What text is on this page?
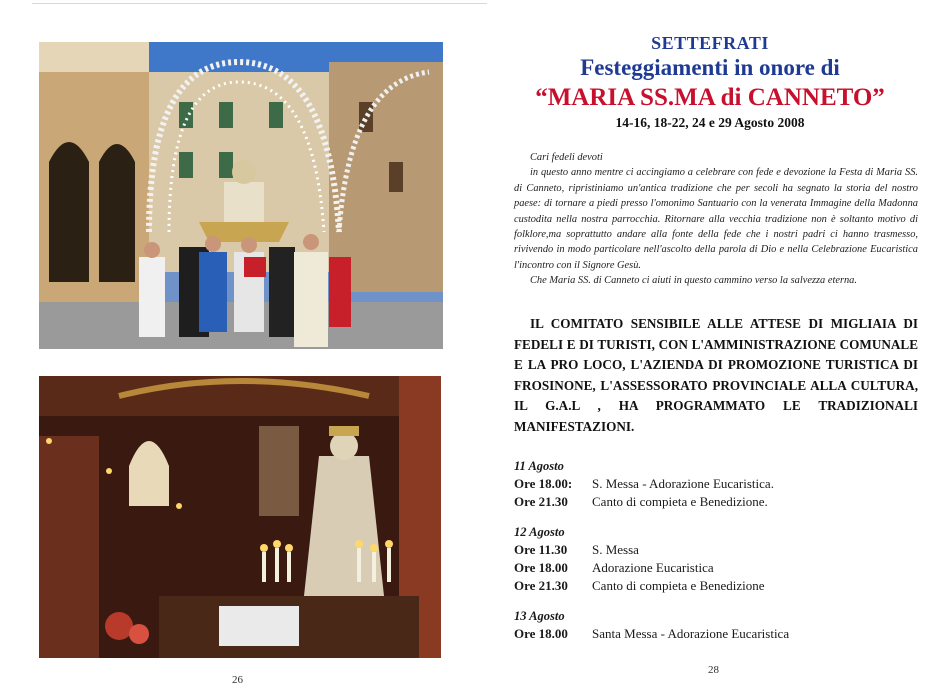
26
SETTEFRATI
Festeggiamenti in onore di
“MARIA SS.MA di CANNETO”
14-16, 18-22, 24 e 29 Agosto 2008

Cari fedeli devoti

in questo anno mentre ci accingiamo a celebrare con fede e devozione la Festa di Maria SS. di Canneto, ripristiniamo un'antica tradizione che per secoli ha segnato la storia del nostro paese: di tornare a piedi presso l'omonimo Santuario con la venerata Immagine della Madonna custodita nella nostra parrocchia. Ritornare alla vecchia tradizione non è soltanto motivo di folklore,ma soprattutto andare alla fonte della fede che i nostri padri ci hanno trasmesso, rivivendo in modo particolare nell'ascolto della parola di Dio e nella Celebrazione Eucaristica l'incontro con il Signore Gesù.

Che Maria SS. di Canneto ci aiuti in questo cammino verso la salvezza eterna.

IL COMITATO SENSIBILE ALLE ATTESE DI MIGLIAIA DI FEDELI E DI TURISTI, CON L'AMMINISTRAZIONE COMUNALE E LA PRO LOCO, L'AZIENDA DI PROMOZIONE TURISTICA DI FROSINONE, L'ASSESSORATO PROVINCIALE ALLA CULTURA, IL G.A.L , HA PROGRAMMATO LE TRADIZIONALI MANIFESTAZIONI.
11 Agosto
Ore 18.00:	S. Messa - Adorazione Eucaristica.
Ore 21.30	Canto di compieta e Benedizione.
12 Agosto
Ore 11.30	S. Messa
Ore 18.00	Adorazione Eucaristica
Ore 21.30	Canto di compieta e Benedizione
13 Agosto
Ore 18.00	Santa Messa - Adorazione Eucaristica
28
